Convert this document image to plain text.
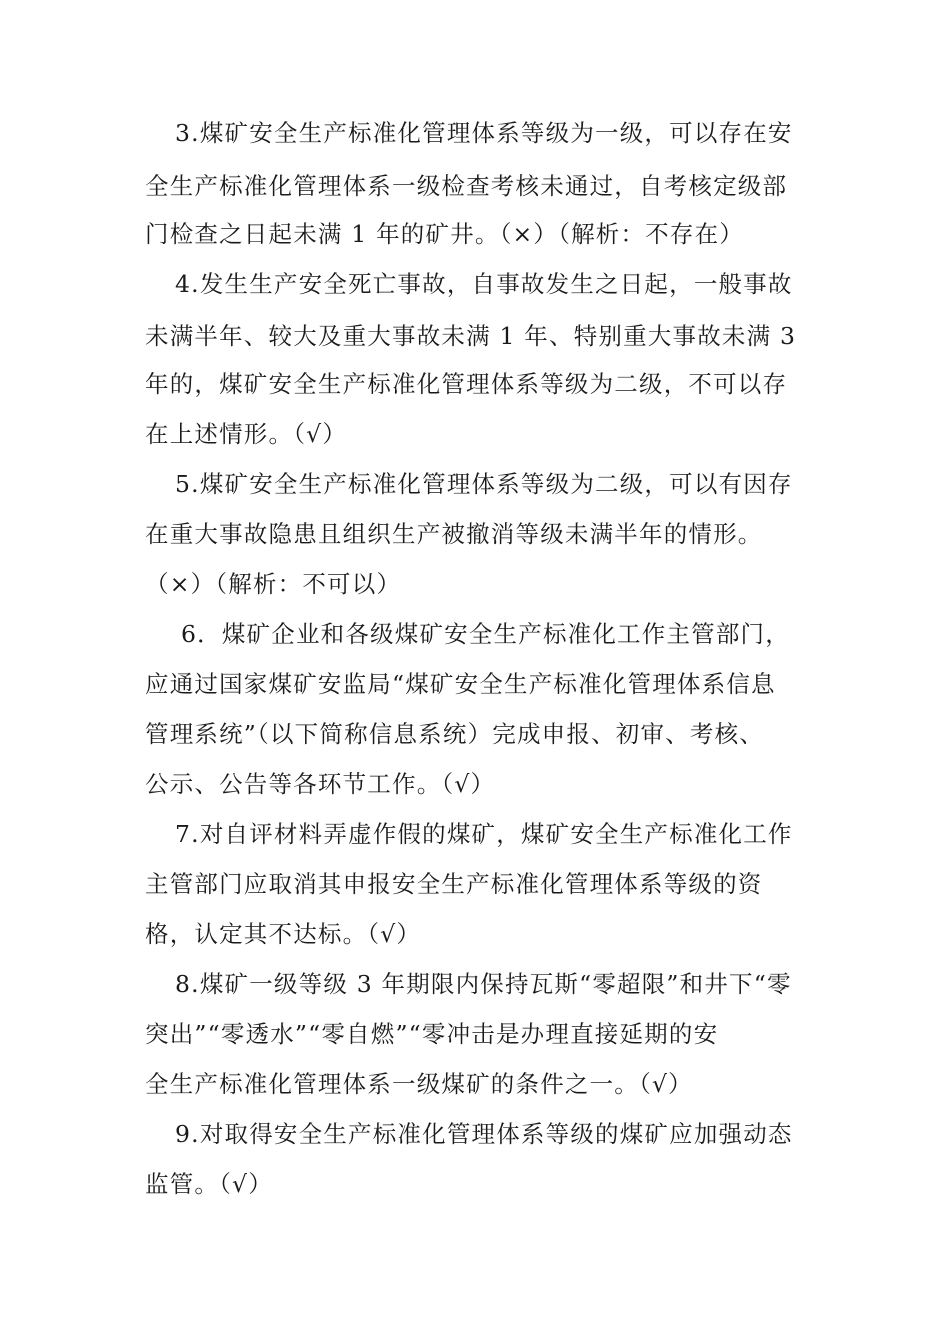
3.煤矿安全生产标准化管理体系等级为一级，可以存在安

全生产标准化管理体系一级检查考核未通过，自考核定级部

门检查之日起未满 1 年的矿井。（×）（解析：不存在）

4.发生生产安全死亡事故，自事故发生之日起，一般事故

未满半年、较大及重大事故未满 1 年、特别重大事故未满 3

年的，煤矿安全生产标准化管理体系等级为二级，不可以存

在上述情形。（√）

5.煤矿安全生产标准化管理体系等级为二级，可以有因存

在重大事故隐患且组织生产被撤消等级未满半年的情形。

（×）（解析：不可以）

6．煤矿企业和各级煤矿安全生产标准化工作主管部门，

应通过国家煤矿安监局“煤矿安全生产标准化管理体系信息

管理系统”（以下简称信息系统）完成申报、初审、考核、

公示、公告等各环节工作。（√）

7.对自评材料弄虚作假的煤矿，煤矿安全生产标准化工作

主管部门应取消其申报安全生产标准化管理体系等级的资

格，认定其不达标。（√）

8.煤矿一级等级 3 年期限内保持瓦斯“零超限”和井下“零

突出”“零透水”“零自燃”“零冲击是办理直接延期的安

全生产标准化管理体系一级煤矿的条件之一。（√）

9.对取得安全生产标准化管理体系等级的煤矿应加强动态

监管。（√）
